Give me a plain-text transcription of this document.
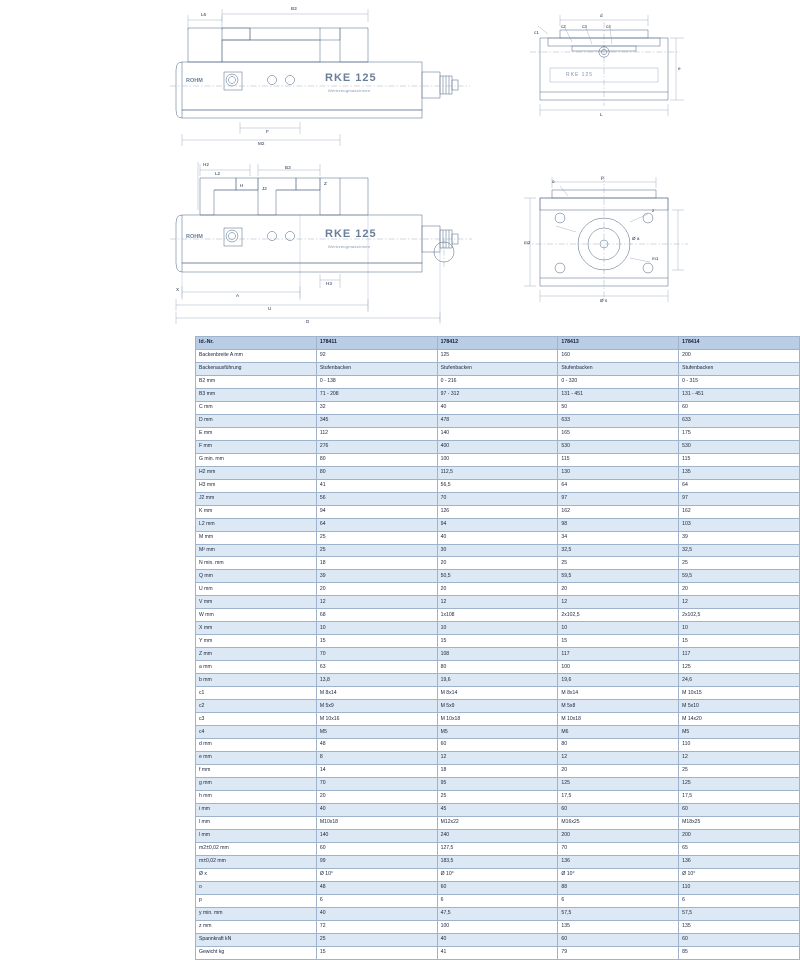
L6
B3
F
M2
H2
L2
B3
H
J2
Z
H3
A
X
U
D
c1
c2	c3	c4
d
e
L
o
p
z
m1
m2
Ø a
Ø s
RKE 125
Werkzeugmaschinen
RKE 125
Werkzeugmaschinen
RKE 125
ROHM
ROHM
Id.-Nr.	178411	178412	178413	178414
Backenbreite A mm	92	125	160	200
Backenausführung	Stufenbacken	Stufenbacken	Stufenbacken	Stufenbacken
B2 mm	0 - 138	0 - 216	0 - 320	0 - 315
B3 mm	71 - 208	97 - 312	131 - 451	131 - 451
C mm	32	40	50	60
D mm	345	478	633	633
E mm	112	140	165	175
F mm	276	400	530	530
G min. mm	80	100	115	115
H2 mm	80	112,5	130	135
H3 mm	41	56,5	64	64
J2 mm	56	70	97	97
K mm	94	126	162	162
L2 mm	64	94	98	103
M mm	25	40	34	39
M² mm	25	30	32,5	32,5
N min. mm	18	20	25	25
Q mm	39	50,5	59,5	59,5
U mm	20	20	20	20
V mm	12	12	12	12
W mm	68	1x108	2x102,5	2x102,5
X mm	10	10	10	10
Y mm	15	15	15	15
Z mm	70	108	117	117
a mm	63	80	100	125
b mm	13,8	19,6	19,6	24,6
c1	M 8x14	M 8x14	M 8x14	M 10x15
c2	M 5x9	M 5x9	M 5x8	M 5x10
c3	M 10x16	M 10x18	M 10x18	M 14x20
c4	M5	M5	M6	M5
d mm	48	60	80	110
e mm	8	12	12	12
f mm	14	18	20	25
g mm	70	95	125	125
h mm	20	25	17,5	17,5
i mm	40	45	60	60
l mm	M10x18	M12x22	M16x25	M18x25
l mm	140	240	200	200
m2±0,02 mm	60	127,5	70	65
m±0,02 mm	99	183,5	136	136
Ø x	Ø 10°	Ø 10°	Ø 10°	Ø 10°
o	48	60	88	110
p	6	6	6	6
y min. mm	40	47,5	57,5	57,5
z mm	72	100	135	135
Spannkraft kN	25	40	60	60
Gewicht kg	15	41	79	85
